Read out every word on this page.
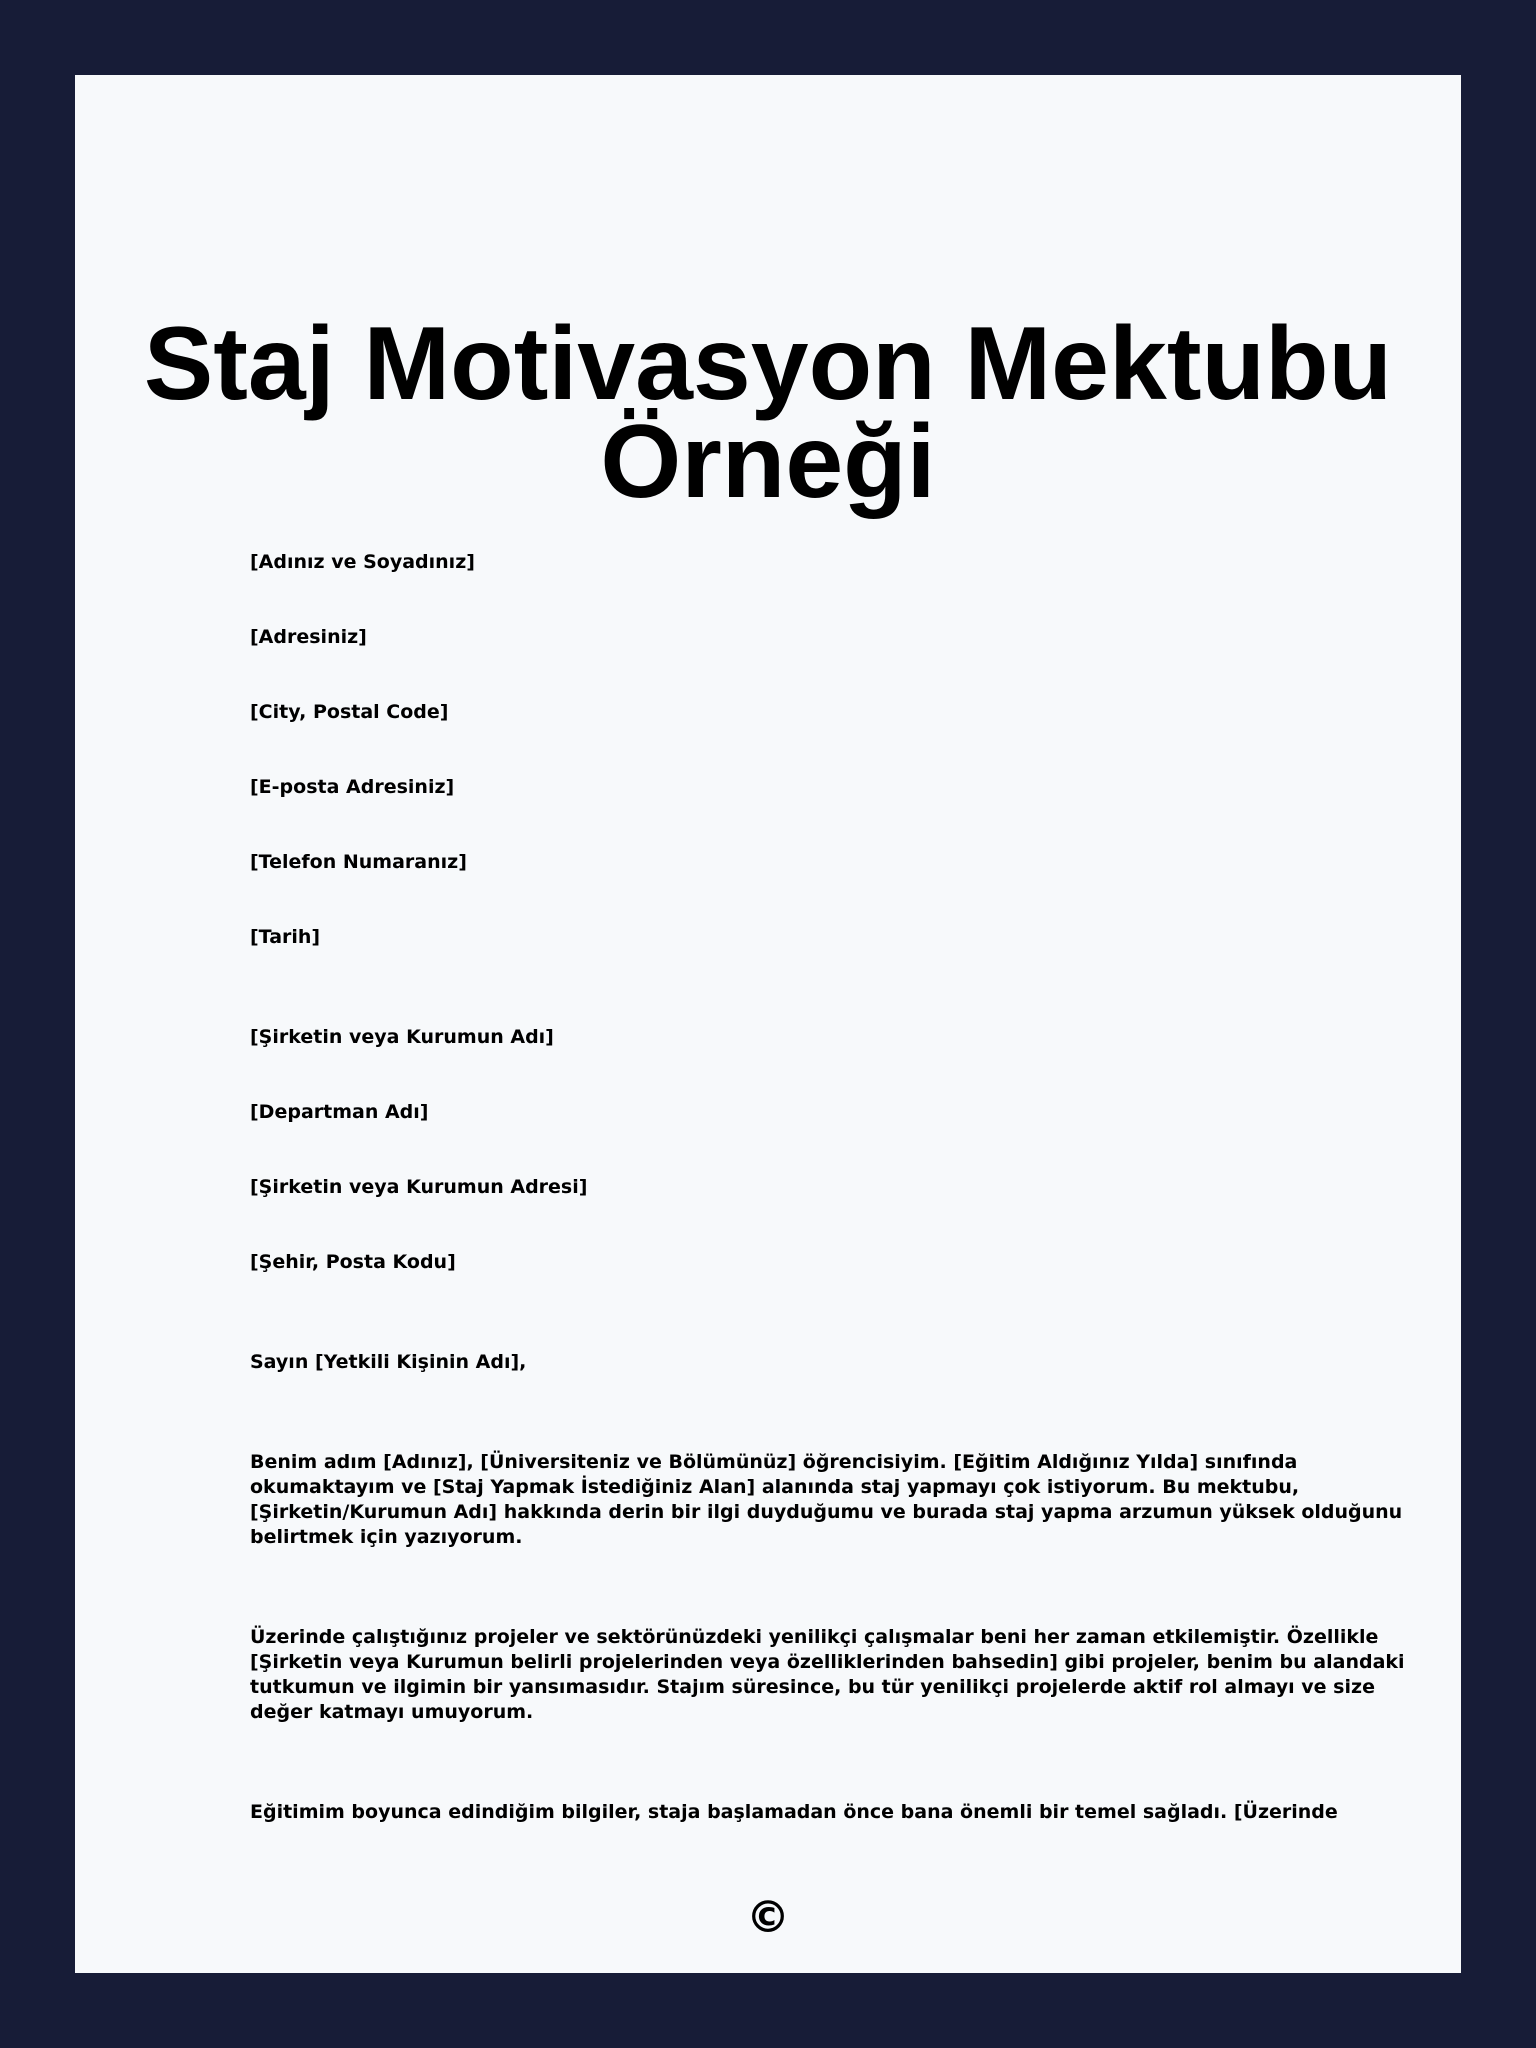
Staj Motivasyon Mektubu Örneği
[Adınız ve Soyadınız]
[Adresiniz]
[City, Postal Code]
[E-posta Adresiniz]
[Telefon Numaranız]
[Tarih]
[Şirketin veya Kurumun Adı]
[Departman Adı]
[Şirketin veya Kurumun Adresi]
[Şehir, Posta Kodu]
Sayın [Yetkili Kişinin Adı],
Benim adım [Adınız], [Üniversiteniz ve Bölümünüz] öğrencisiyim. [Eğitim Aldığınız Yılda] sınıfında
okumaktayım ve [Staj Yapmak İstediğiniz Alan] alanında staj yapmayı çok istiyorum. Bu mektubu,
[Şirketin/Kurumun Adı] hakkında derin bir ilgi duyduğumu ve burada staj yapma arzumun yüksek olduğunu
belirtmek için yazıyorum.
Üzerinde çalıştığınız projeler ve sektörünüzdeki yenilikçi çalışmalar beni her zaman etkilemiştir. Özellikle
[Şirketin veya Kurumun belirli projelerinden veya özelliklerinden bahsedin] gibi projeler, benim bu alandaki
tutkumun ve ilgimin bir yansımasıdır. Stajım süresince, bu tür yenilikçi projelerde aktif rol almayı ve size
değer katmayı umuyorum.
Eğitimim boyunca edindiğim bilgiler, staja başlamadan önce bana önemli bir temel sağladı. [Üzerinde
©
